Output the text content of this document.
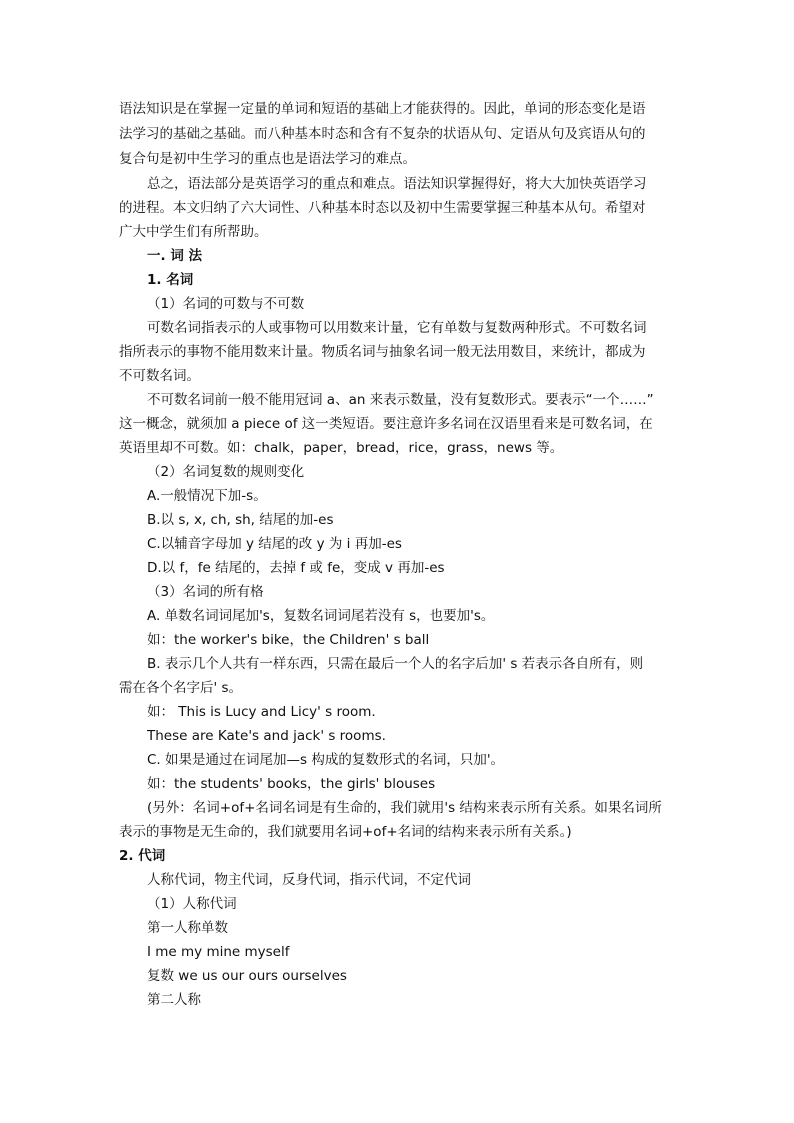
语法知识是在掌握一定量的单词和短语的基础上才能获得的。因此，单词的形态变化是语
法学习的基础之基础。而八种基本时态和含有不复杂的状语从句、定语从句及宾语从句的
复合句是初中生学习的重点也是语法学习的难点。
总之，语法部分是英语学习的重点和难点。语法知识掌握得好，将大大加快英语学习
的进程。本文归纳了六大词性、八种基本时态以及初中生需要掌握三种基本从句。希望对
广大中学生们有所帮助。
一. 词 法
1. 名词
（1）名词的可数与不可数
可数名词指表示的人或事物可以用数来计量，它有单数与复数两种形式。不可数名词
指所表示的事物不能用数来计量。物质名词与抽象名词一般无法用数目，来统计，都成为
不可数名词。
不可数名词前一般不能用冠词 a、an 来表示数量，没有复数形式。要表示“一个……”
这一概念，就须加 a piece of 这一类短语。要注意许多名词在汉语里看来是可数名词，在
英语里却不可数。如：chalk，paper，bread，rice，grass，news 等。
（2）名词复数的规则变化
A.一般情况下加-s。
B.以 s, x, ch, sh, 结尾的加-es
C.以辅音字母加 y 结尾的改 y 为 i 再加-es
D.以 f，fe 结尾的，去掉 f 或 fe，变成 v 再加-es
（3）名词的所有格
A. 单数名词词尾加's，复数名词词尾若没有 s，也要加's。
如：the worker's bike，the Children' s ball
B. 表示几个人共有一样东西，只需在最后一个人的名字后加' s 若表示各自所有，则
需在各个名字后' s。
如： This is Lucy and Licy' s room.
These are Kate's and jack' s rooms.
C. 如果是通过在词尾加—s 构成的复数形式的名词，只加'。
如：the students' books，the girls' blouses
(另外：名词+of+名词名词是有生命的，我们就用's 结构来表示所有关系。如果名词所
表示的事物是无生命的，我们就要用名词+of+名词的结构来表示所有关系。)
2. 代词
人称代词，物主代词，反身代词，指示代词，不定代词
（1）人称代词
第一人称单数
I me my mine myself
复数 we us our ours ourselves
第二人称
